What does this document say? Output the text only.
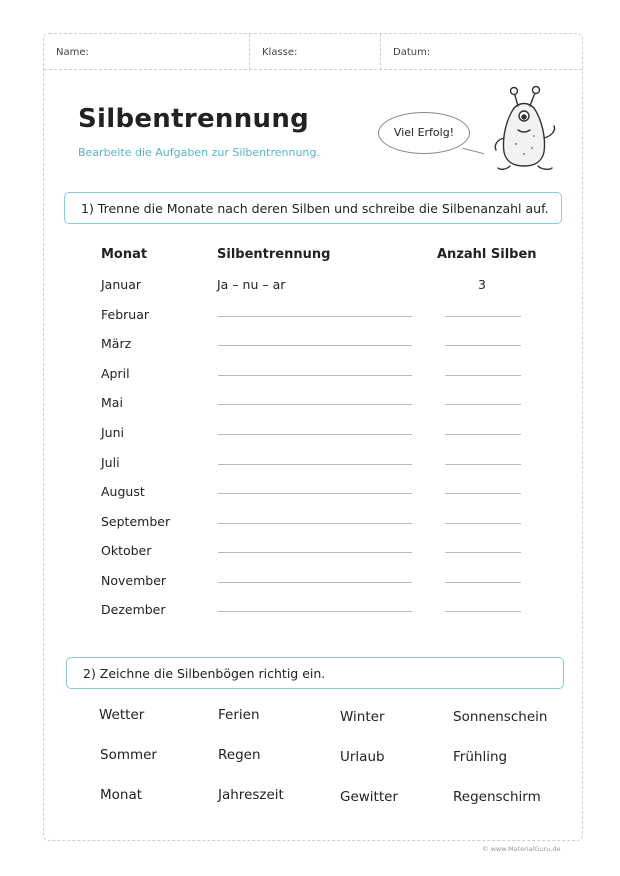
Name:	Klasse:	Datum:
Silbentrennung
Bearbeite die Aufgaben zur Silbentrennung.
Viel Erfolg!
1) Trenne die Monate nach deren Silben und schreibe die Silbenanzahl auf.
Monat	Silbentrennung	Anzahl Silben
Januar	Ja – nu – ar	3
Februar
März
April
Mai
Juni
Juli
August
September
Oktober
November
Dezember
2) Zeichne die Silbenbögen richtig ein.
Wetter	Ferien	Winter	Sonnenschein
Sommer	Regen	Urlaub	Frühling
Monat	Jahreszeit	Gewitter	Regenschirm
© www.MaterialGuru.de
